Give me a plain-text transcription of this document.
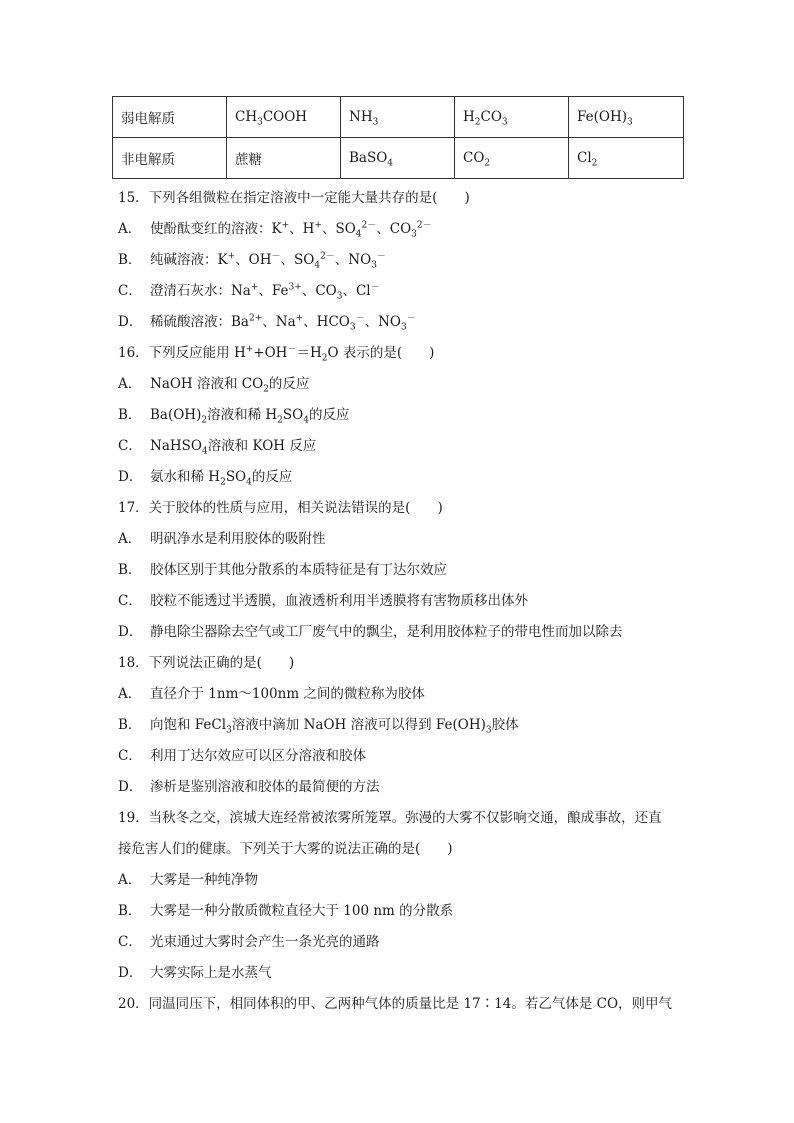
弱电解质	$CH_3COOH$	$NH_3$	$H_2CO_3$	$Fe(OH)_3$
非电解质	蔗糖	BaSO$_4$	$CO_2$	$Cl_2$
15．下列各组微粒在指定溶液中一定能大量共存的是(　　)
A． 使酚酞变红的溶液：K+、H+、$SO_4^{2-}$、$CO_3^{2-}$
B． 纯碱溶液：K+、OH－、$SO_4^{2-}$、$NO_3^-$
C． 澄清石灰水：Na+、$Fe^{3+}$、$CO_3$、Cl－
D． 稀硫酸溶液：$Ba^{2+}$、Na+、$HCO_3^-$、$NO_3^-$
16．下列反应能用 $H^++OH^-=H_2O$ 表示的是(　　)
A． NaOH 溶液和 $CO_2$的反应
B． $Ba(OH)_2$溶液和稀 $H_2SO_4$的反应
C． NaHSO$_4$溶液和 KOH 反应
D． 氨水和稀 $H_2SO_4$的反应
17．关于胶体的性质与应用，相关说法错误的是(　　)
A． 明矾净水是利用胶体的吸附性
B． 胶体区别于其他分散系的本质特征是有丁达尔效应
C． 胶粒不能透过半透膜，血液透析利用半透膜将有害物质移出体外
D． 静电除尘器除去空气或工厂废气中的飘尘，是利用胶体粒子的带电性而加以除去
18．下列说法正确的是(　　)
A． 直径介于 1nm～100nm 之间的微粒称为胶体
B． 向饱和 FeCl$_3$溶液中滴加 NaOH 溶液可以得到 $Fe(OH)_3$胶体
C． 利用丁达尔效应可以区分溶液和胶体
D． 渗析是鉴别溶液和胶体的最简便的方法
19．当秋冬之交，滨城大连经常被浓雾所笼罩。弥漫的大雾不仅影响交通，酿成事故，还直
接危害人们的健康。下列关于大雾的说法正确的是(　　)
A． 大雾是一种纯净物
B． 大雾是一种分散质微粒直径大于 100 nm 的分散系
C． 光束通过大雾时会产生一条光亮的通路
D． 大雾实际上是水蒸气
20．同温同压下，相同体积的甲、乙两种气体的质量比是 17∶14。若乙气体是 CO，则甲气
